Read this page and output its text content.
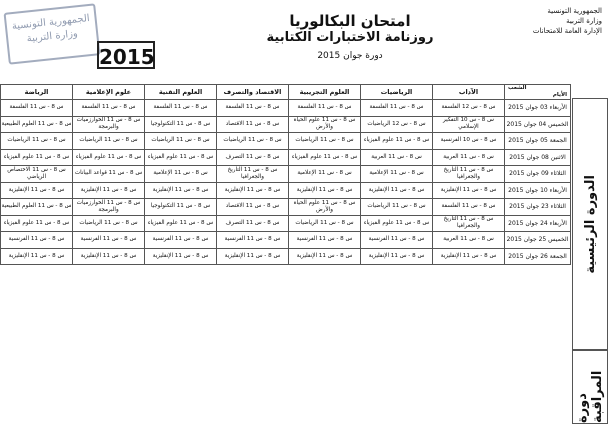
الجمهورية التونسية
وزارة التربية
2015
الجمهورية التونسية
وزارة التربية
الإدارة العامة للامتحانات
امتحان البكالوريا
روزنامة الاختبارات الكتابية
دورة جوان 2015
الشعب
الأيام	الآداب	الرياضيات	العلوم التجريبية	الاقتصاد والتصرف	العلوم التقنية	علوم الإعلامية	الرياضة
الأربعاء 03 جوان 2015	س 8 - س 12 الفلسفة	س 8 - س 11 الفلسفة	س 8 - س 11 الفلسفة	س 8 - س 11 الفلسفة	س 8 - س 11 الفلسفة	س 8 - س 11 الفلسفة	س 8 - س 11 الفلسفة
الخميس 04 جوان 2015	س 8 - س 10 التفكير الإسلامي	س 8 - س 12 الرياضيات	س 8 - س 11 علوم الحياة والأرض	س 8 - س 11 الاقتصاد	س 8 - س 11 التكنولوجيا	س 8 - س 11 الخوارزميات والبرمجة	س 8 - س 11 العلوم الطبيعية
الجمعة 05 جوان 2015	س 8 - س 10 الفرنسية	س 8 - س 11 علوم الفيزياء	س 8 - س 11 الرياضيات	س 8 - س 11 الرياضيات	س 8 - س 11 الرياضيات	س 8 - س 11 الرياضيات	س 8 - س 11 الرياضيات
الاثنين 08 جوان 2015	س 8 - س 11 العربية	س 8 - س 11 العربية	س 8 - س 11 علوم الفيزياء	س 8 - س 11 التصرف	س 8 - س 11 علوم الفيزياء	س 8 - س 11 علوم الفيزياء	س 8 - س 11 علوم الفيزياء
الثلاثاء 09 جوان 2015	س 8 - س 11 التاريخ والجغرافيا	س 8 - س 11 الإعلامية	س 8 - س 11 الإعلامية	س 8 - س 11 التاريخ والجغرافيا	س 8 - س 11 الإعلامية	س 8 - س 11 قواعد البيانات	س 8 - س 11 الاختصاص الرياضي
الأربعاء 10 جوان 2015	س 8 - س 11 الإنقليزية	س 8 - س 11 الإنقليزية	س 8 - س 11 الإنقليزية	س 8 - س 11 الإنقليزية	س 8 - س 11 الإنقليزية	س 8 - س 11 الإنقليزية	س 8 - س 11 الإنقليزية
الثلاثاء 23 جوان 2015	س 8 - س 11 الفلسفة	س 8 - س 11 الرياضيات	س 8 - س 11 علوم الحياة والأرض	س 8 - س 11 الاقتصاد	س 8 - س 11 التكنولوجيا	س 8 - س 11 الخوارزميات والبرمجة	س 8 - س 11 العلوم الطبيعية
الأربعاء 24 جوان 2015	س 8 - س 11 التاريخ والجغرافيا	س 8 - س 11 علوم الفيزياء	س 8 - س 11 الرياضيات	س 8 - س 11 التصرف	س 8 - س 11 علوم الفيزياء	س 8 - س 11 الرياضيات	س 8 - س 11 علوم الفيزياء
الخميس 25 جوان 2015	س 8 - س 11 العربية	س 8 - س 11 الفرنسية	س 8 - س 11 الفرنسية	س 8 - س 11 الفرنسية	س 8 - س 11 الفرنسية	س 8 - س 11 الفرنسية	س 8 - س 11 الفرنسية
الجمعة 26 جوان 2015	س 8 - س 11 الإنقليزية	س 8 - س 11 الإنقليزية	س 8 - س 11 الإنقليزية	س 8 - س 11 الإنقليزية	س 8 - س 11 الإنقليزية	س 8 - س 11 الإنقليزية	س 8 - س 11 الإنقليزية	الدورة الرئيسية
دورة المراقبة
